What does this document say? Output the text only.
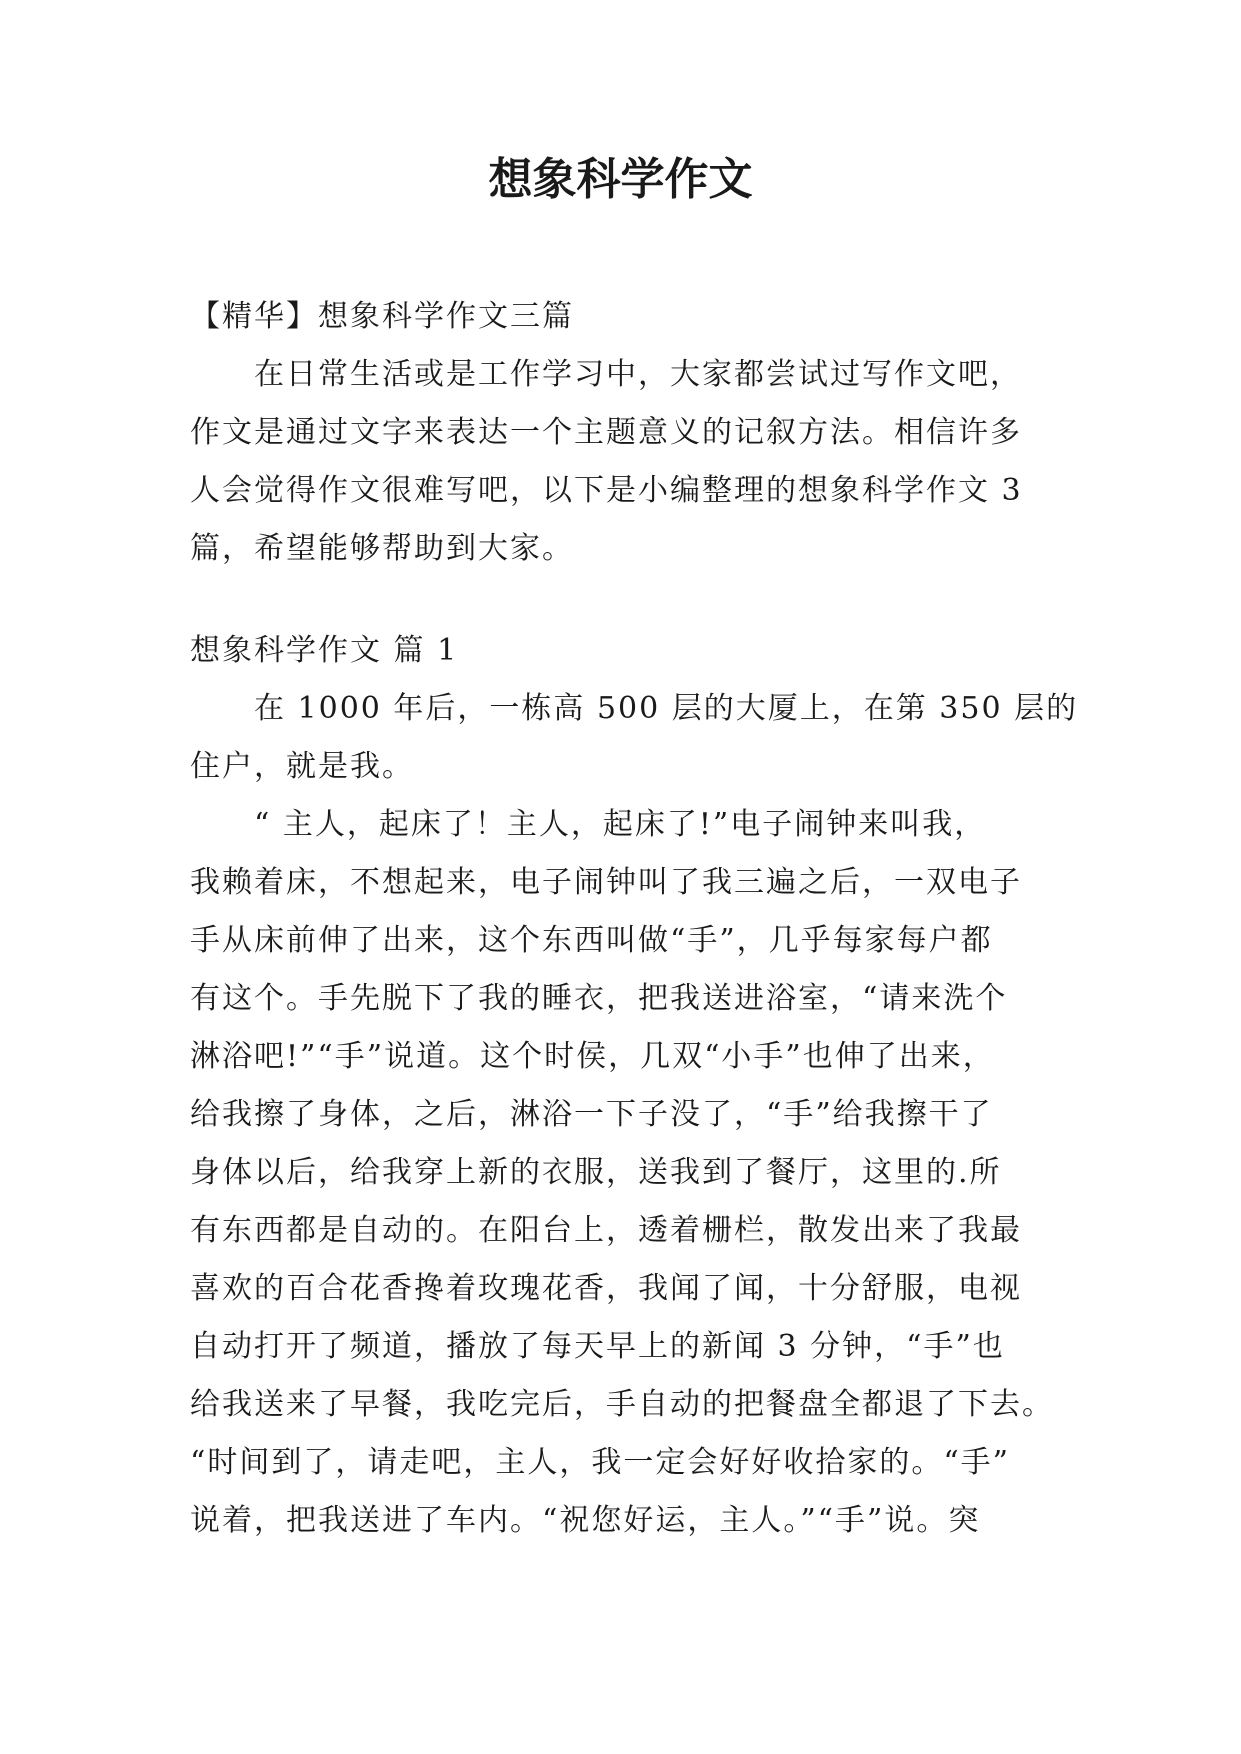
想象科学作文
【精华】想象科学作文三篇
　　在日常生活或是工作学习中，大家都尝试过写作文吧，
作文是通过文字来表达一个主题意义的记叙方法。相信许多
人会觉得作文很难写吧，以下是小编整理的想象科学作文 3
篇，希望能够帮助到大家。
想象科学作文 篇 1
　　在 1000 年后，一栋高 500 层的大厦上，在第 350 层的
住户，就是我。
　　“ 主人，起床了！主人，起床了!”电子闹钟来叫我，
我赖着床，不想起来，电子闹钟叫了我三遍之后，一双电子
手从床前伸了出来，这个东西叫做“手”，几乎每家每户都
有这个。手先脱下了我的睡衣，把我送进浴室，“请来洗个
淋浴吧!”“手”说道。这个时侯，几双“小手”也伸了出来，
给我擦了身体，之后，淋浴一下子没了，“手”给我擦干了
身体以后，给我穿上新的衣服，送我到了餐厅，这里的.所
有东西都是自动的。在阳台上，透着栅栏，散发出来了我最
喜欢的百合花香搀着玫瑰花香，我闻了闻，十分舒服，电视
自动打开了频道，播放了每天早上的新闻 3 分钟，“手”也
给我送来了早餐，我吃完后，手自动的把餐盘全都退了下去。
“时间到了，请走吧，主人，我一定会好好收拾家的。“手”
说着，把我送进了车内。“祝您好运，主人。”“手”说。突
